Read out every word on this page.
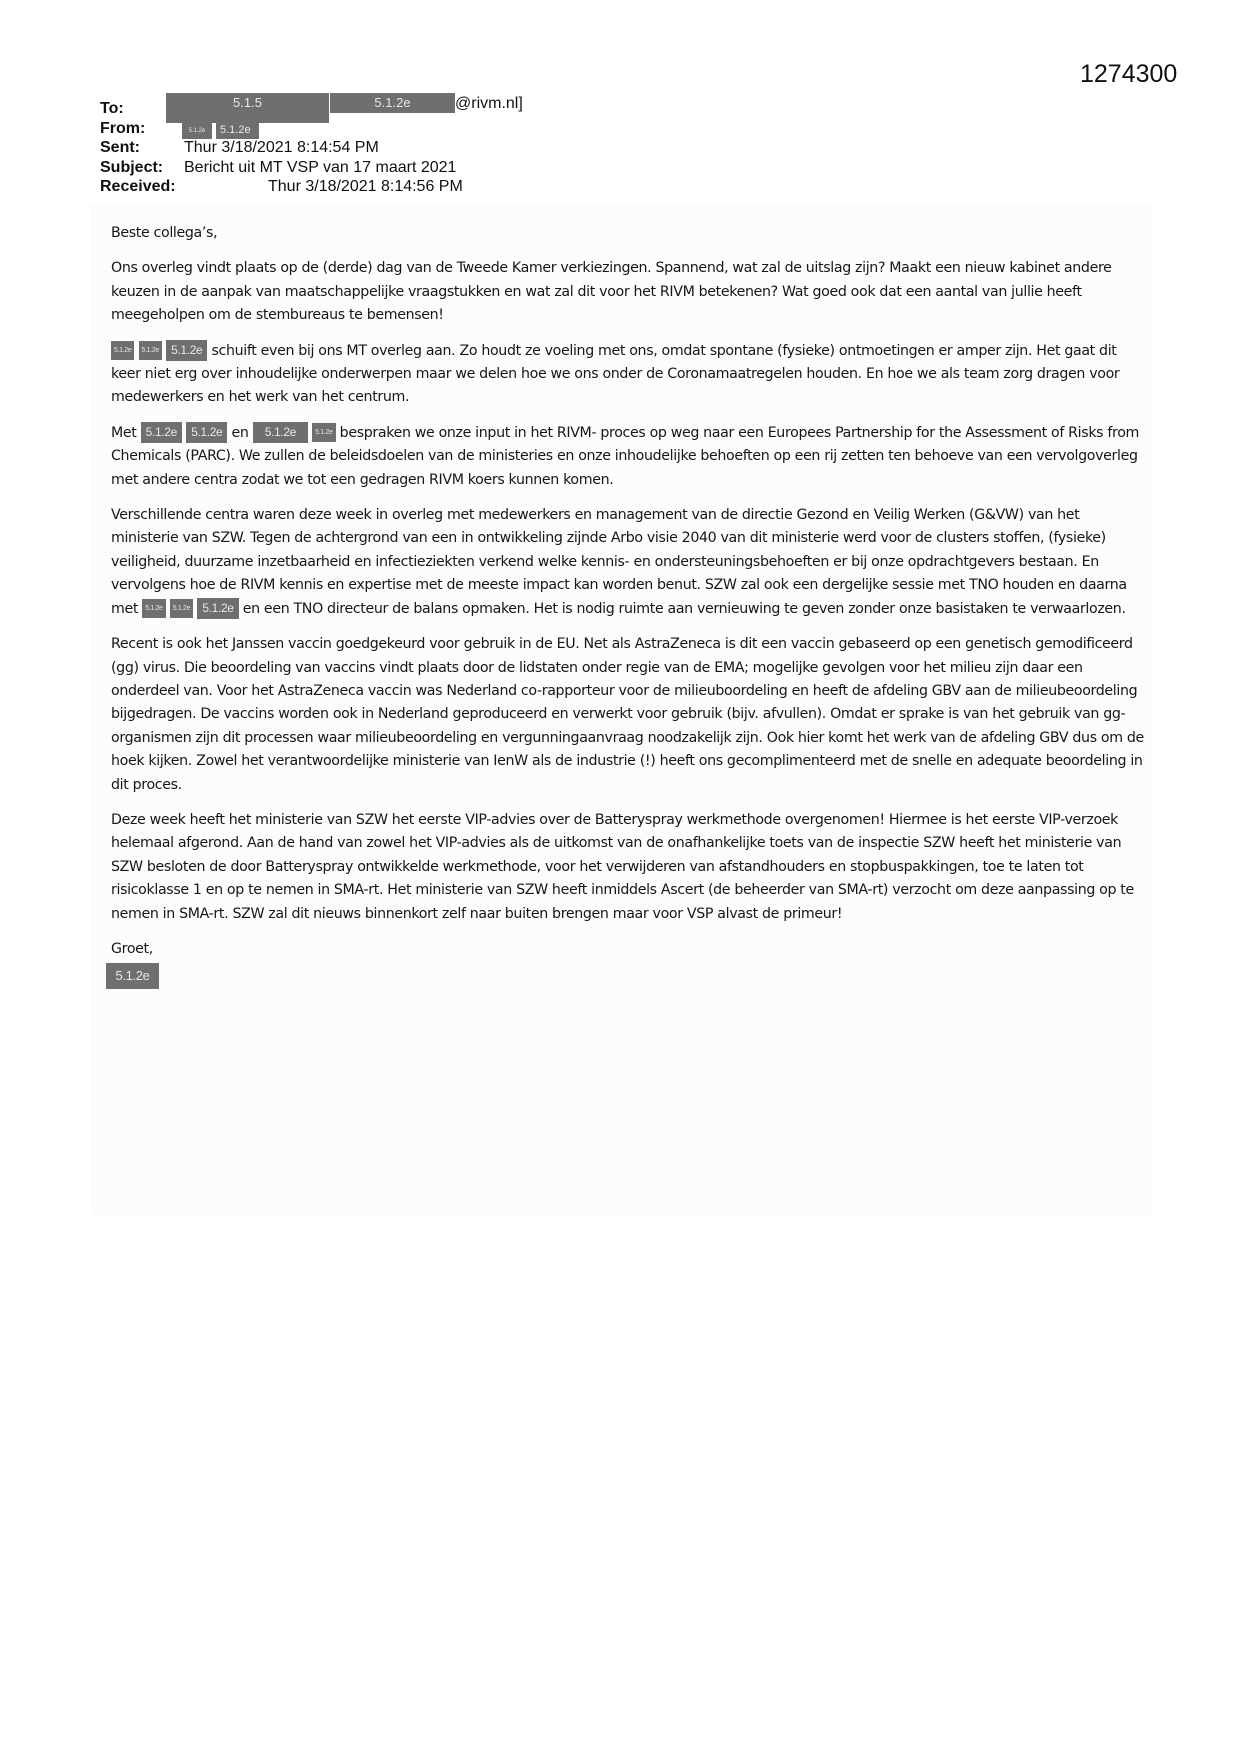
1274300
To:	5.1.5	5.1.2e	@rivm.nl]
From:	5.1.2e 5.1.2e
Sent:	Thur 3/18/2021 8:14:54 PM
Subject: Bericht uit MT VSP van 17 maart 2021
Received:	Thur 3/18/2021 8:14:56 PM

Beste collega’s,

Ons overleg vindt plaats op de (derde) dag van de Tweede Kamer verkiezingen. Spannend, wat zal de uitslag zijn? Maakt een nieuw kabinet andere keuzen in de aanpak van maatschappelijke vraagstukken en wat zal dit voor het RIVM betekenen? Wat goed ook dat een aantal van jullie heeft meegeholpen om de stembureaus te bemensen!

5.1.2e 5.1.2e 5.1.2e schuift even bij ons MT overleg aan. Zo houdt ze voeling met ons, omdat spontane (fysieke) ontmoetingen er amper zijn. Het gaat dit keer niet erg over inhoudelijke onderwerpen maar we delen hoe we ons onder de Coronamaatregelen houden. En hoe we als team zorg dragen voor medewerkers en het werk van het centrum.

Met 5.1.2e 5.1.2e en 5.1.2e	5.1.2e bespraken we onze input in het RIVM- proces op weg naar een Europees Partnership for the Assessment of Risks from Chemicals (PARC). We zullen de beleidsdoelen van de ministeries en onze inhoudelijke behoeften op een rij zetten ten behoeve van een vervolgoverleg met andere centra zodat we tot een gedragen RIVM koers kunnen komen.

Verschillende centra waren deze week in overleg met medewerkers en management van de directie Gezond en Veilig Werken (G&VW) van het ministerie van SZW. Tegen de achtergrond van een in ontwikkeling zijnde Arbo visie 2040 van dit ministerie werd voor de clusters stoffen, (fysieke) veiligheid, duurzame inzetbaarheid en infectieziekten verkend welke kennis- en ondersteuningsbehoeften er bij onze opdrachtgevers bestaan. En vervolgens hoe de RIVM kennis en expertise met de meeste impact kan worden benut. SZW zal ook een dergelijke sessie met TNO houden en daarna met 5.1.2e 5.1.2e 5.1.2e en een TNO directeur de balans opmaken. Het is nodig ruimte aan vernieuwing te geven zonder onze basistaken te verwaarlozen.

Recent is ook het Janssen vaccin goedgekeurd voor gebruik in de EU. Net als AstraZeneca is dit een vaccin gebaseerd op een genetisch gemodificeerd (gg) virus. Die beoordeling van vaccins vindt plaats door de lidstaten onder regie van de EMA; mogelijke gevolgen voor het milieu zijn daar een onderdeel van. Voor het AstraZeneca vaccin was Nederland co-rapporteur voor de milieuboordeling en heeft de afdeling GBV aan de milieubeoordeling bijgedragen. De vaccins worden ook in Nederland geproduceerd en verwerkt voor gebruik (bijv. afvullen). Omdat er sprake is van het gebruik van gg-organismen zijn dit processen waar milieubeoordeling en vergunningaanvraag noodzakelijk zijn. Ook hier komt het werk van de afdeling GBV dus om de hoek kijken. Zowel het verantwoordelijke ministerie van IenW als de industrie (!) heeft ons gecomplimenteerd met de snelle en adequate beoordeling in dit proces.

Deze week heeft het ministerie van SZW het eerste VIP-advies over de Batteryspray werkmethode overgenomen! Hiermee is het eerste VIP-verzoek helemaal afgerond. Aan de hand van zowel het VIP-advies als de uitkomst van de onafhankelijke toets van de inspectie SZW heeft het ministerie van SZW besloten de door Batteryspray ontwikkelde werkmethode, voor het verwijderen van afstandhouders en stopbuspakkingen, toe te laten tot risicoklasse 1 en op te nemen in SMA-rt. Het ministerie van SZW heeft inmiddels Ascert (de beheerder van SMA-rt) verzocht om deze aanpassing op te nemen in SMA-rt. SZW zal dit nieuws binnenkort zelf naar buiten brengen maar voor VSP alvast de primeur!

Groet,

5.1.2e
